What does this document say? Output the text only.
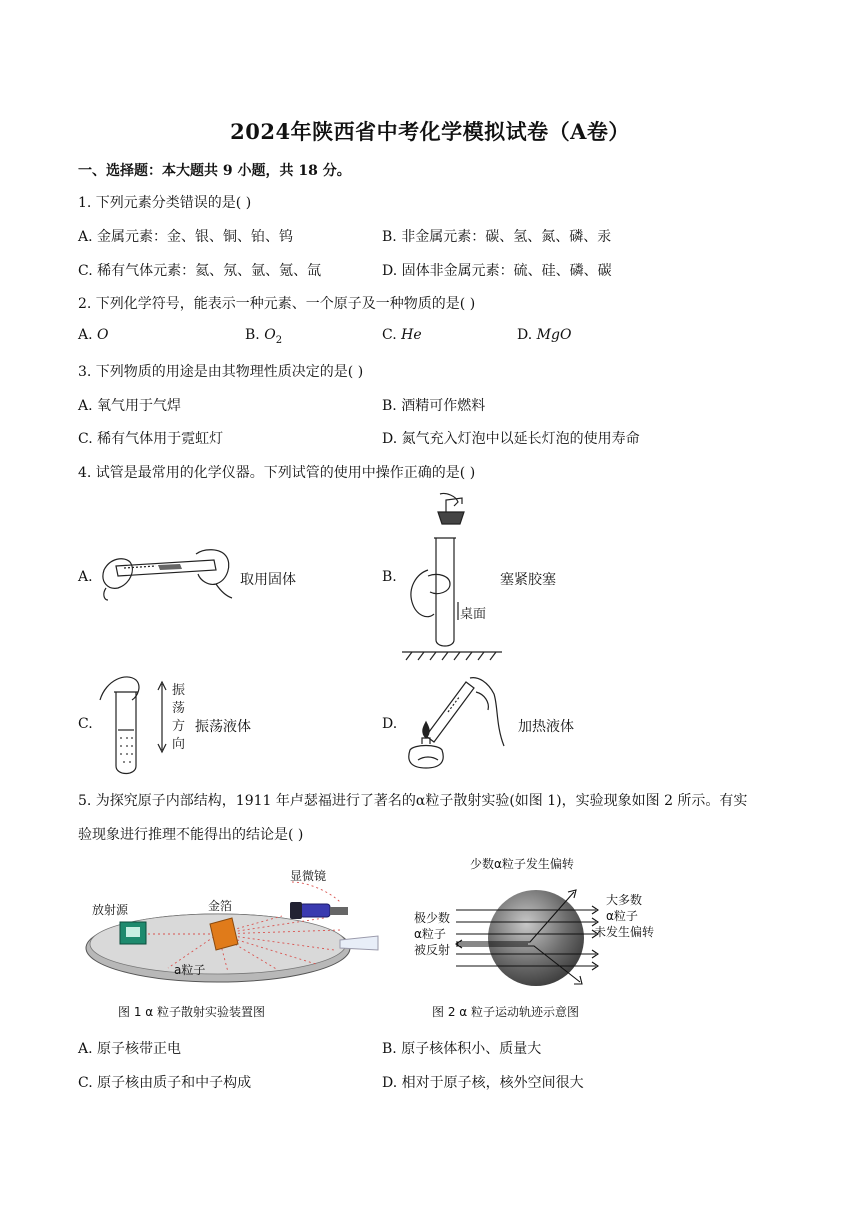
2024年陕西省中考化学模拟试卷（A卷）
一、选择题：本大题共 9 小题，共 18 分。
1. 下列元素分类错误的是( )
A. 金属元素：金、银、铜、铂、钨	B. 非金属元素：碳、氢、氮、磷、汞
C. 稀有气体元素：氦、氖、氩、氪、氙	D. 固体非金属元素：硫、硅、磷、碳
2. 下列化学符号，能表示一种元素、一个原子及一种物质的是( )
A. O	B. $O_2$	C. He	D. MgO
3. 下列物质的用途是由其物理性质决定的是( )
A. 氧气用于气焊	B. 酒精可作燃料
C. 稀有气体用于霓虹灯	D. 氮气充入灯泡中以延长灯泡的使用寿命
4. 试管是最常用的化学仪器。下列试管的使用中操作正确的是( )
A.	取用固体	B.
桌面
塞紧胶塞
C.
振
荡
方
向
振荡液体	D.	加热液体
5. 为探究原子内部结构，1911 年卢瑟福进行了著名的α粒子散射实验(如图 1)，实验现象如图 2 所示。有实
验现象进行推理不能得出的结论是( )
放射源	金箔
显微镜
a粒子
图 1 α 粒子散射实验装置图
少数α粒子发生偏转
极少数
α粒子
被反射
大多数
α粒子
未发生偏转
图 2 α 粒子运动轨迹示意图
A. 原子核带正电	B. 原子核体积小、质量大
C. 原子核由质子和中子构成	D. 相对于原子核，核外空间很大
